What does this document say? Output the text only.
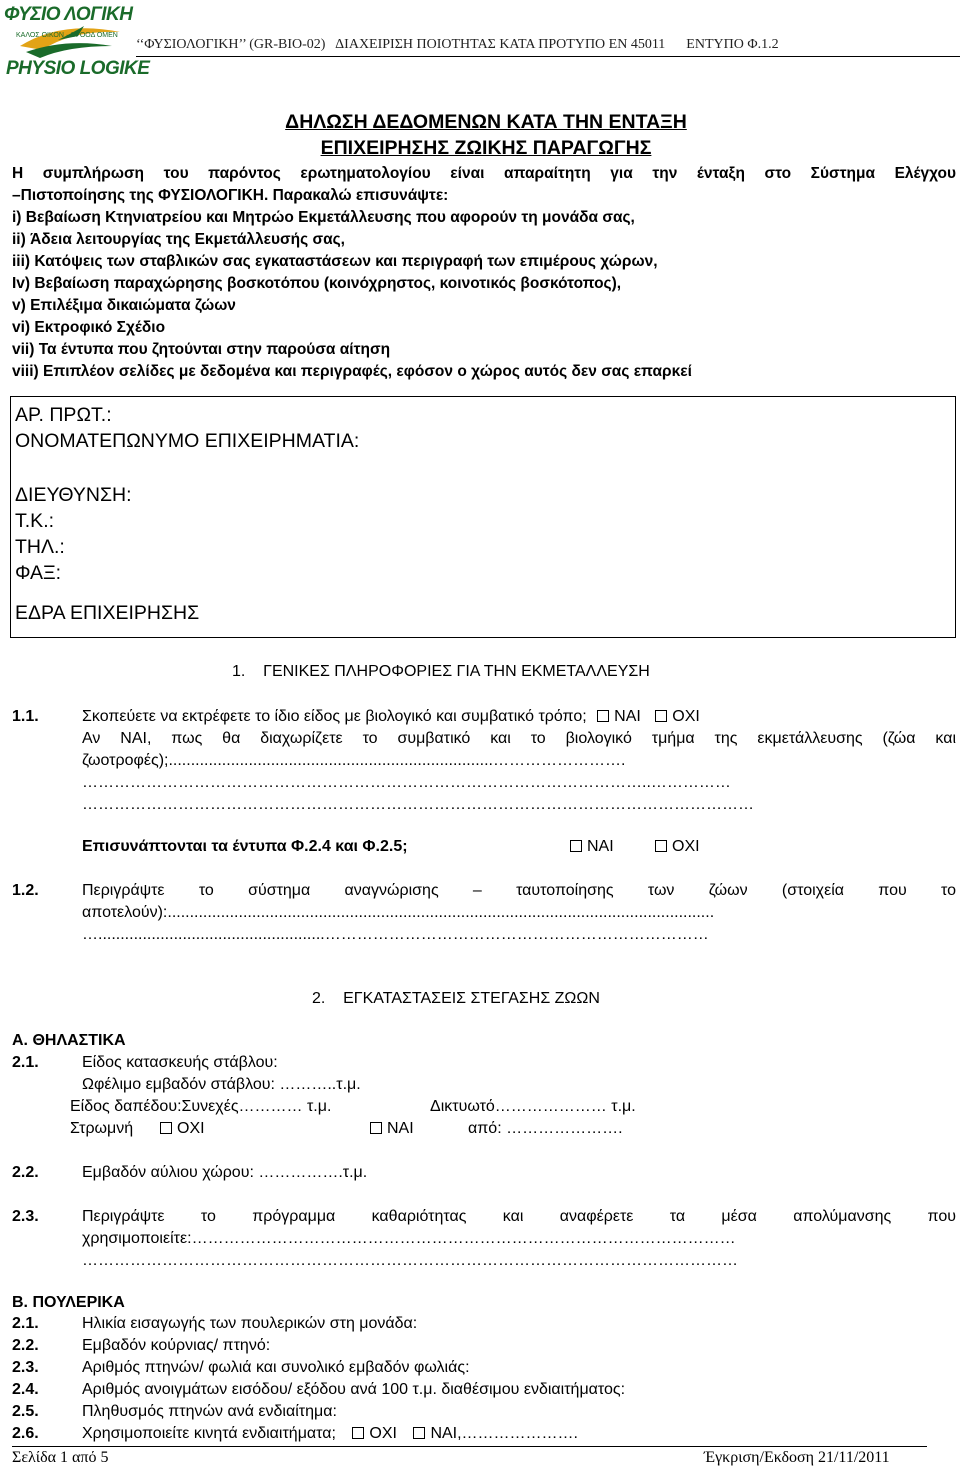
ΦΥΣΙΟ ΛΟΓΙΚΗ
ΚΑΛΟΣ ΟΙΚΟΝ · Α ΓΟΟΔ ΟΜΕΝ
PHYSIO LOGIKE
‘‘ΦΥΣΙΟΛΟΓΙΚΗ’’ (GR-BIO-02)   ΔΙΑΧΕΙΡΙΣΗ ΠΟΙΟΤΗΤΑΣ ΚΑΤΑ ΠΡΟΤΥΠΟ ΕΝ 45011      ΕΝΤΥΠΟ Φ.1.2
ΔΗΛΩΣΗ ΔΕΔΟΜΕΝΩΝ ΚΑΤΑ ΤΗΝ ΕΝΤΑΞΗ
ΕΠΙΧΕΙΡΗΣΗΣ ΖΩΙΚΗΣ ΠΑΡΑΓΩΓΗΣ
Η συμπλήρωση του παρόντος ερωτηματολογίου είναι απαραίτητη για την ένταξη στο Σύστημα Ελέγχου
–Πιστοποίησης της ΦΥΣΙΟΛΟΓΙΚΗ. Παρακαλώ επισυνάψτε:
i) Βεβαίωση Κτηνιατρείου και Μητρώο Εκμετάλλευσης που αφορούν τη μονάδα σας,
ii) Άδεια λειτουργίας της Εκμετάλλευσής σας,
iii) Κατόψεις των σταβλικών σας εγκαταστάσεων και περιγραφή των επιμέρους χώρων,
Iv) Βεβαίωση παραχώρησης βοσκοτόπου (κοινόχρηστος, κοινοτικός βοσκότοπος),
v) Επιλέξιμα δικαιώματα ζώων
vi) Εκτροφικό Σχέδιο
vii) Τα έντυπα που ζητούνται στην παρούσα αίτηση
viii) Επιπλέον σελίδες με δεδομένα και περιγραφές, εφόσον ο χώρος αυτός δεν σας επαρκεί
ΑΡ. ΠΡΩΤ.:
ΟΝΟΜΑΤΕΠΩΝΥΜΟ ΕΠΙΧΕΙΡΗΜΑΤΙΑ:
ΔΙΕΥΘΥΝΣΗ:
Τ.Κ.:
ΤΗΛ.:
ΦΑΞ:
ΕΔΡΑ ΕΠΙΧΕΙΡΗΣΗΣ
1.    ΓΕΝΙΚΕΣ ΠΛΗΡΟΦΟΡΙΕΣ ΓΙΑ ΤΗΝ ΕΚΜΕΤΑΛΛΕΥΣΗ
1.1.	Σκοπεύετε να εκτρέφετε το ίδιο είδος με βιολογικό και συμβατικό τρόπο; ΝΑΙ ΟΧΙ
Αν ΝΑΙ, πως θα διαχωρίζετε το συμβατικό και το βιολογικό τμήμα της εκμετάλλευσης (ζώα και
ζωοτροφές);.........................................................................…………………….
……………………………………………………………………………………………..……………
………………………………………………………………………………………………………………
Επισυνάπτονται τα έντυπα Φ.2.4 και Φ.2.5;	ΝΑΙ	ΟΧΙ
1.2.	Περιγράψτε το σύστημα αναγνώρισης – ταυτοποίησης των ζώων (στοιχεία που το
αποτελούν):...........................................................................................................................
…...................................................………………………………………………………………
2.    ΕΓΚΑΤΑΣΤΑΣΕΙΣ ΣΤΕΓΑΣΗΣ ΖΩΩΝ
Α. ΘΗΛΑΣΤΙΚΑ
2.1.	Είδος κατασκευής στάβλου:
Ωφέλιμο εμβαδόν στάβλου: ………..τ.μ.
Είδος δαπέδου:Συνεχές………… τ.μ.	Δικτυωτό………………… τ.μ.
Στρωμνή	ΟΧΙ	ΝΑΙ	από: ………………….
2.2.	Εμβαδόν αύλιου χώρου: …………….τ.μ.
2.3.	Περιγράψτε το πρόγραμμα καθαριότητας και αναφέρετε τα μέσα απολύμανσης που
χρησιμοποιείτε:…………………………………………………………………………………………
……………………………………………………………………………………………………………
Β. ΠΟΥΛΕΡΙΚΑ
2.1.	Ηλικία εισαγωγής των πουλερικών στη μονάδα:
2.2.	Εμβαδόν κούρνιας/ πτηνό:
2.3.	Αριθμός πτηνών/ φωλιά και συνολικό εμβαδόν φωλιάς:
2.4.	Αριθμός ανοιγμάτων εισόδου/ εξόδου ανά 100 τ.μ. διαθέσιμου ενδιαιτήματος:
2.5.	Πληθυσμός πτηνών ανά ενδιαίτημα:
2.6.	Χρησιμοποιείτε κινητά ενδιαιτήματα; ΟΧΙ ΝΑΙ,………………….
Σελίδα 1 από 5	Έγκριση/Εκδοση 21/11/2011
